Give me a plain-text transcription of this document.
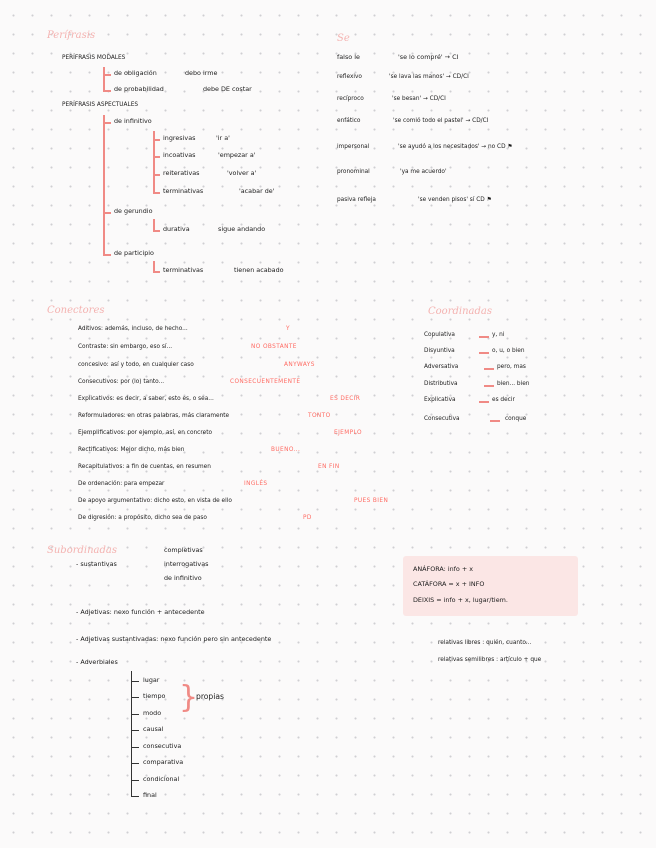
Perífrasis
PERÍFRASIS MODALES
de obligación	debo irme
de probabilidad	debe DE costar
PERÍFRASIS ASPECTUALES
de infinitivo
ingresivas	'ir a'
incoativas	'empezar a'
reiterativas	'volver a'
terminativas	'acabar de'
de gerundio
durativa	sigue andando
de participio
terminativas	tienen acabado
Se
falso le	'se lo compré' → CI
reflexivo	'se lava las manos' → CD/CI
recíproco	'se besan' → CD/CI
enfático	'se comió todo el pastel' → CD/CI
impersonal	'se ayudó a los necesitados' → no CD ⚑
pronominal	'ya me acuerdo'
pasiva refleja	'se venden pisos' sí CD ⚑
Conectores
Aditivos: además, incluso, de hecho...	Y
Contraste: sin embargo, eso sí...	NO OBSTANTE
concesivo: así y todo, en cualquier caso	ANYWAYS
Consecutivos: por (lo) tanto...	CONSECUENTEMENTE
Explicativos: es decir, a saber, esto es, o sea...	ES DECIR
Reformuladores: en otras palabras, más claramente	TONTO
Ejemplificativos: por ejemplo, así, en concreto	EJEMPLO
Rectificativos: Mejor dicho, más bien	BUENO...
Recapitulativos: a fin de cuentas, en resumen	EN FIN
De ordenación: para empezar	INGLÉS
De apoyo argumentativo: dicho esto, en vista de ello	PUES BIEN
De digresión: a propósito, dicho sea de paso	PD
Coordinadas
Copulativa	y, ni
Disyuntiva	o, u, o bien
Adversativa	pero, mas
Distributiva	bien... bien
Explicativa	es decir
Consecutiva	conque
Subordinadas
- sustantivas
completivas
interrogativas
de infinitivo
- Adjetivas: nexo función + antecedente
- Adjetivas sustantivadas: nexo función pero sin antecedente	relativas libres : quién, cuanto...
relativas semilibres : artículo + que
- Adverbiales
lugar
tiempo
modo
causal
consecutiva
comparativa
condicional
final
}
propias
ANÁFORA: info + x
CATÁFORA = x + INFO
DEIXIS = info + x, lugar/tiem.
